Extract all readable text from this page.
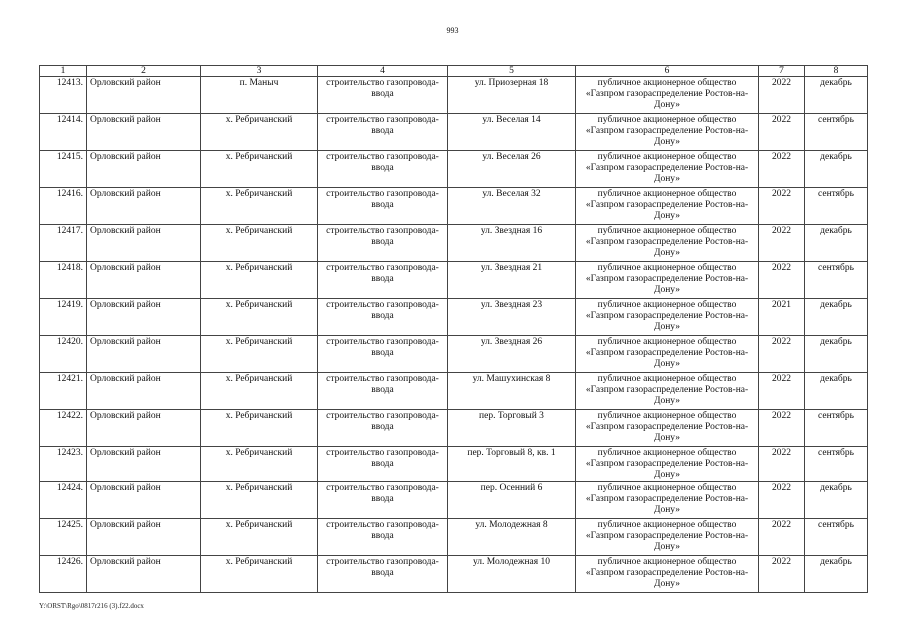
993
1	2	3	4	5	6	7	8
12413.	Орловский район	п. Маныч	строительство газопровода-ввода	ул. Приозерная 18	публичное акционерное общество «Газпром газораспределение Ростов-на-Дону»	2022	декабрь
12414.	Орловский район	х. Ребричанский	строительство газопровода-ввода	ул. Веселая 14	публичное акционерное общество «Газпром газораспределение Ростов-на-Дону»	2022	сентябрь
12415.	Орловский район	х. Ребричанский	строительство газопровода-ввода	ул. Веселая 26	публичное акционерное общество «Газпром газораспределение Ростов-на-Дону»	2022	декабрь
12416.	Орловский район	х. Ребричанский	строительство газопровода-ввода	ул. Веселая 32	публичное акционерное общество «Газпром газораспределение Ростов-на-Дону»	2022	сентябрь
12417.	Орловский район	х. Ребричанский	строительство газопровода-ввода	ул. Звездная 16	публичное акционерное общество «Газпром газораспределение Ростов-на-Дону»	2022	декабрь
12418.	Орловский район	х. Ребричанский	строительство газопровода-ввода	ул. Звездная 21	публичное акционерное общество «Газпром газораспределение Ростов-на-Дону»	2022	сентябрь
12419.	Орловский район	х. Ребричанский	строительство газопровода-ввода	ул. Звездная 23	публичное акционерное общество «Газпром газораспределение Ростов-на-Дону»	2021	декабрь
12420.	Орловский район	х. Ребричанский	строительство газопровода-ввода	ул. Звездная 26	публичное акционерное общество «Газпром газораспределение Ростов-на-Дону»	2022	декабрь
12421.	Орловский район	х. Ребричанский	строительство газопровода-ввода	ул. Машухинская 8	публичное акционерное общество «Газпром газораспределение Ростов-на-Дону»	2022	декабрь
12422.	Орловский район	х. Ребричанский	строительство газопровода-ввода	пер. Торговый 3	публичное акционерное общество «Газпром газораспределение Ростов-на-Дону»	2022	сентябрь
12423.	Орловский район	х. Ребричанский	строительство газопровода-ввода	пер. Торговый 8, кв. 1	публичное акционерное общество «Газпром газораспределение Ростов-на-Дону»	2022	сентябрь
12424.	Орловский район	х. Ребричанский	строительство газопровода-ввода	пер. Осенний 6	публичное акционерное общество «Газпром газораспределение Ростов-на-Дону»	2022	декабрь
12425.	Орловский район	х. Ребричанский	строительство газопровода-ввода	ул. Молодежная 8	публичное акционерное общество «Газпром газораспределение Ростов-на-Дону»	2022	сентябрь
12426.	Орловский район	х. Ребричанский	строительство газопровода-ввода	ул. Молодежная 10	публичное акционерное общество «Газпром газораспределение Ростов-на-Дону»	2022	декабрь
Y:\ORST\Rgo\0817r216 (3).f22.docx
